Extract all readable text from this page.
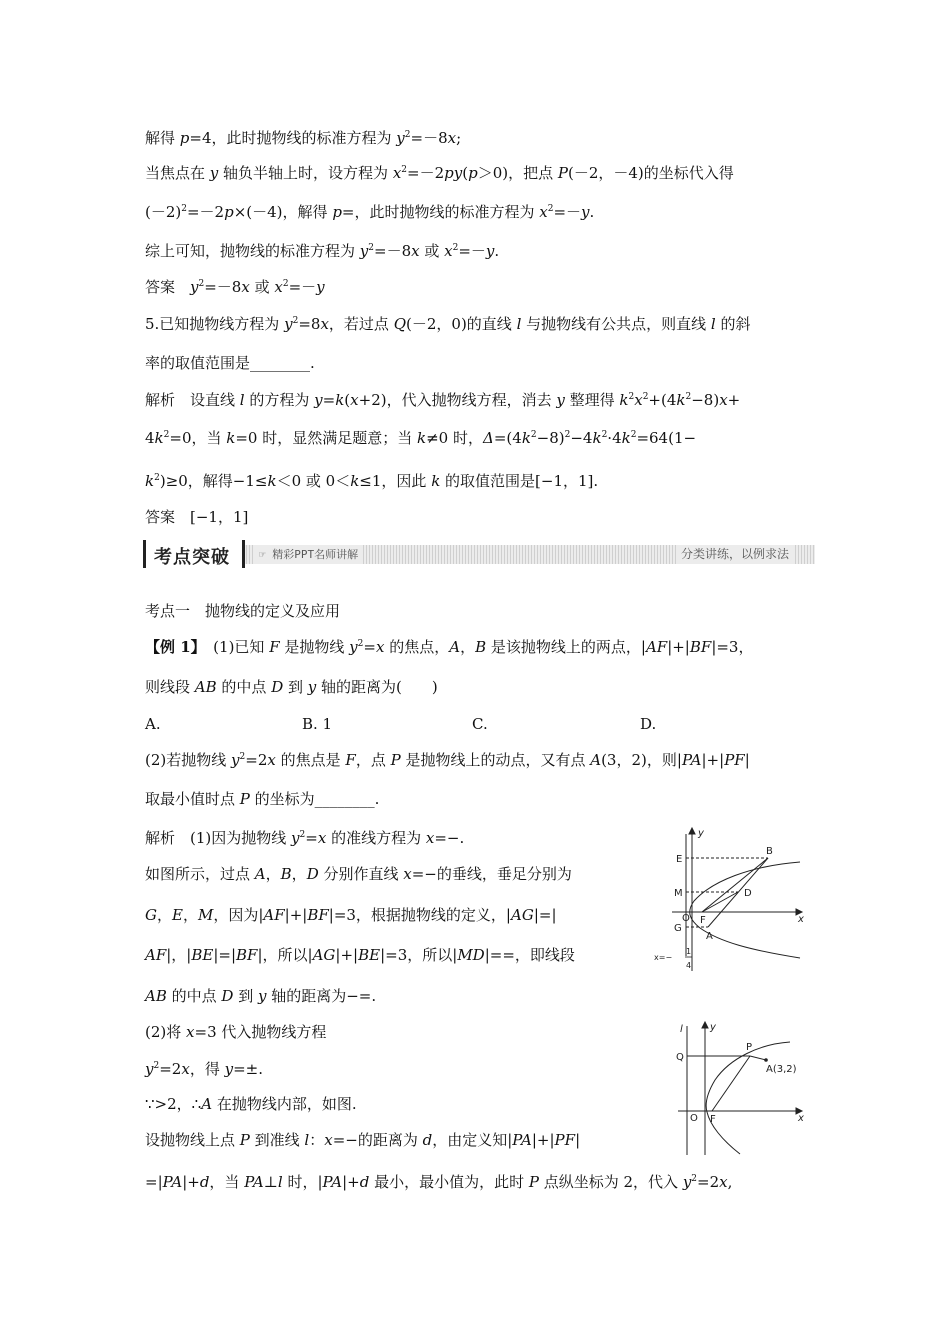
解得 p=4，此时抛物线的标准方程为 $y^2=-8x$;
当焦点在 y 轴负半轴上时，设方程为 $x^2=-2py(p>0)$，把点 P(－2，－4)的坐标代入得
$(-2)^2=-2p\times(-4)$，解得 p=，此时抛物线的标准方程为 $x^2=-y$.
综上可知，抛物线的标准方程为 $y^2=-8x$ 或 $x^2=-y$.
答案　$y^2=-8x$ 或 $x^2=-y$
5.已知抛物线方程为 $y^2=8x$，若过点 Q(－2，0)的直线 l 与抛物线有公共点，则直线 l 的斜
率的取值范围是________.
解析　设直线 l 的方程为 y=k(x+2)，代入抛物线方程，消去 y 整理得 $k^2x^2+(4k^2-8)x+$
$4k^2=0$，当 k=0 时，显然满足题意；当 k≠0 时，$\Delta=(4k^2-8)^2-4k^2\cdot 4k^2=64(1-$
$k^2)\ge 0$，解得−1≤k＜0 或 0＜k≤1，因此 k 的取值范围是[−1，1].
答案　[−1，1]
考点突破	☞ 精彩PPT名师讲解	分类讲练，以例求法
考点一　抛物线的定义及应用
【例 1】　(1)已知 F 是抛物线 $y^2=x$ 的焦点，A，B 是该抛物线上的两点，|AF|+|BF|=3，
则线段 AB 的中点 D 到 y 轴的距离为(　　)
A.	B. 1	C.	D.
(2)若抛物线 $y^2=2x$ 的焦点是 F，点 P 是抛物线上的动点，又有点 A(3，2)，则|PA|+|PF|
取最小值时点 P 的坐标为________.
解析　(1)因为抛物线 $y^2=x$ 的准线方程为 x=−.
如图所示，过点 A，B，D 分别作直线 x=−的垂线，垂足分别为
G，E，M，因为|AF|+|BF|=3，根据抛物线的定义，|AG|=|
AF|，|BE|=|BF|，所以|AG|+|BE|=3，所以|MD|==，即线段
AB 的中点 D 到 y 轴的距离为−=.
(2)将 x=3 代入抛物线方程
$y^2=2x$，得 y=±.
∵>2，∴A 在抛物线内部，如图.
设抛物线上点 P 到准线 l：x=−的距离为 d，由定义知|PA|+|PF|
=|PA|+d，当 PA⊥l 时，|PA|+d 最小，最小值为，此时 P 点纵坐标为 2，代入 $y^2=2x$,
y
x
E
B
M	D
O F
G
A
x=−
1
4
l	y
Q
P
A(3,2)
O F	x
